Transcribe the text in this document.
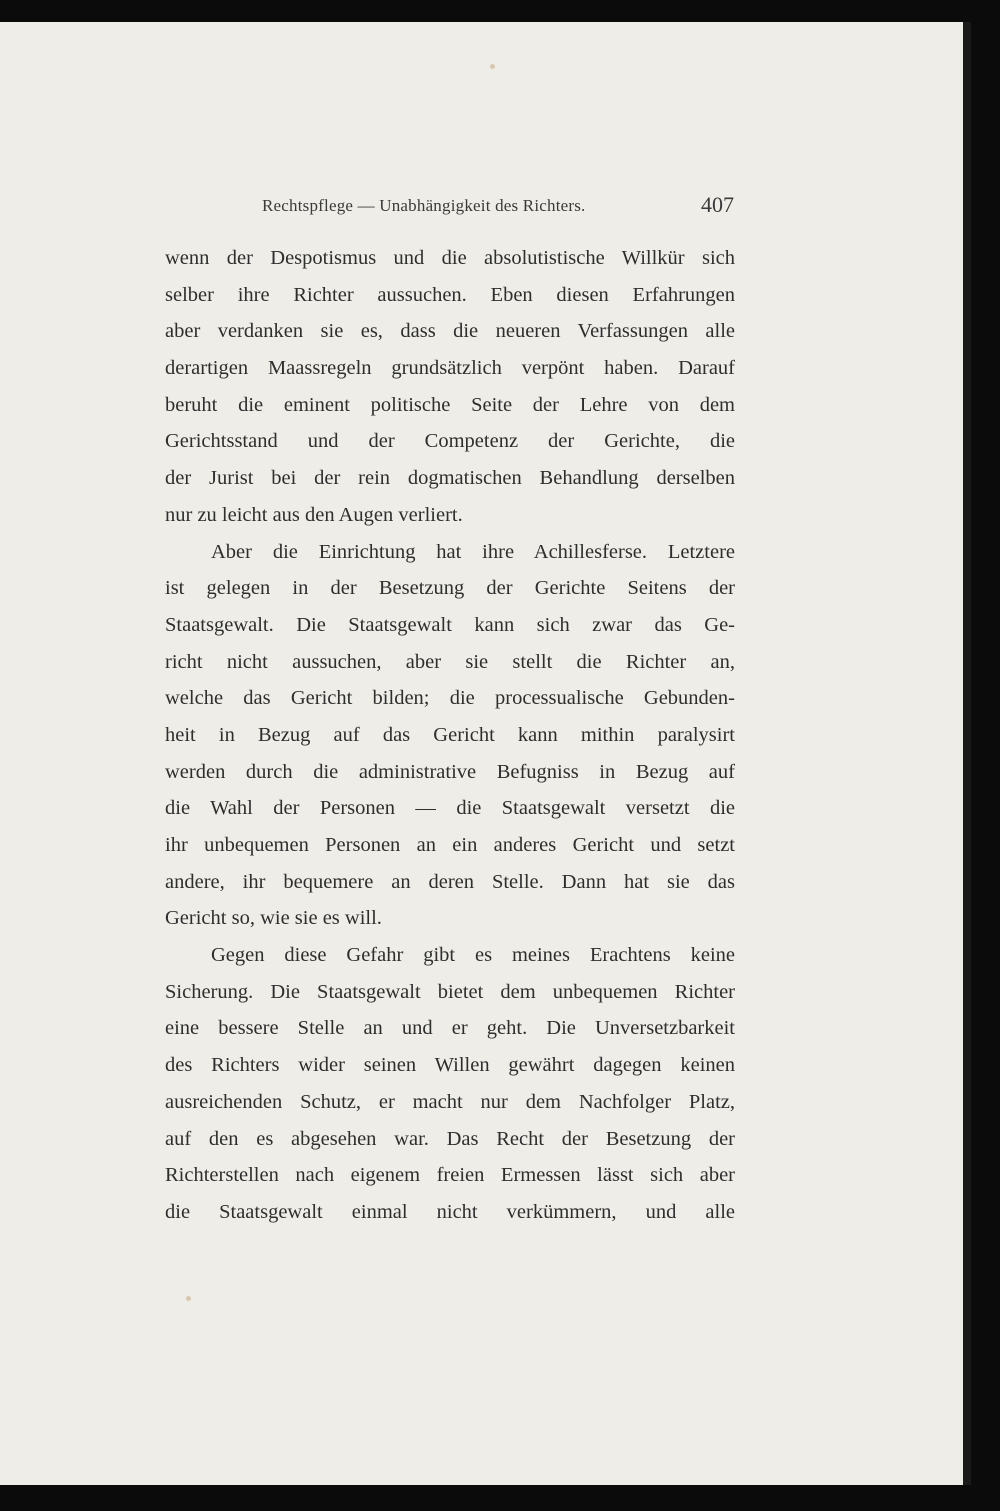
Rechtspflege — Unabhängigkeit des Richters.	407
wenn der Despotismus und die absolutistische Willkür sich
selber ihre Richter aussuchen. Eben diesen Erfahrungen
aber verdanken sie es, dass die neueren Verfassungen alle
derartigen Maassregeln grundsätzlich verpönt haben. Darauf
beruht die eminent politische Seite der Lehre von dem
Gerichtsstand und der Competenz der Gerichte, die
der Jurist bei der rein dogmatischen Behandlung derselben
nur zu leicht aus den Augen verliert.
Aber die Einrichtung hat ihre Achillesferse. Letztere
ist gelegen in der Besetzung der Gerichte Seitens der
Staatsgewalt. Die Staatsgewalt kann sich zwar das Ge-
richt nicht aussuchen, aber sie stellt die Richter an,
welche das Gericht bilden; die processualische Gebunden-
heit in Bezug auf das Gericht kann mithin paralysirt
werden durch die administrative Befugniss in Bezug auf
die Wahl der Personen — die Staatsgewalt versetzt die
ihr unbequemen Personen an ein anderes Gericht und setzt
andere, ihr bequemere an deren Stelle. Dann hat sie das
Gericht so, wie sie es will.
Gegen diese Gefahr gibt es meines Erachtens keine
Sicherung. Die Staatsgewalt bietet dem unbequemen Richter
eine bessere Stelle an und er geht. Die Unversetzbarkeit
des Richters wider seinen Willen gewährt dagegen keinen
ausreichenden Schutz, er macht nur dem Nachfolger Platz,
auf den es abgesehen war. Das Recht der Besetzung der
Richterstellen nach eigenem freien Ermessen lässt sich aber
die Staatsgewalt einmal nicht verkümmern, und alle
